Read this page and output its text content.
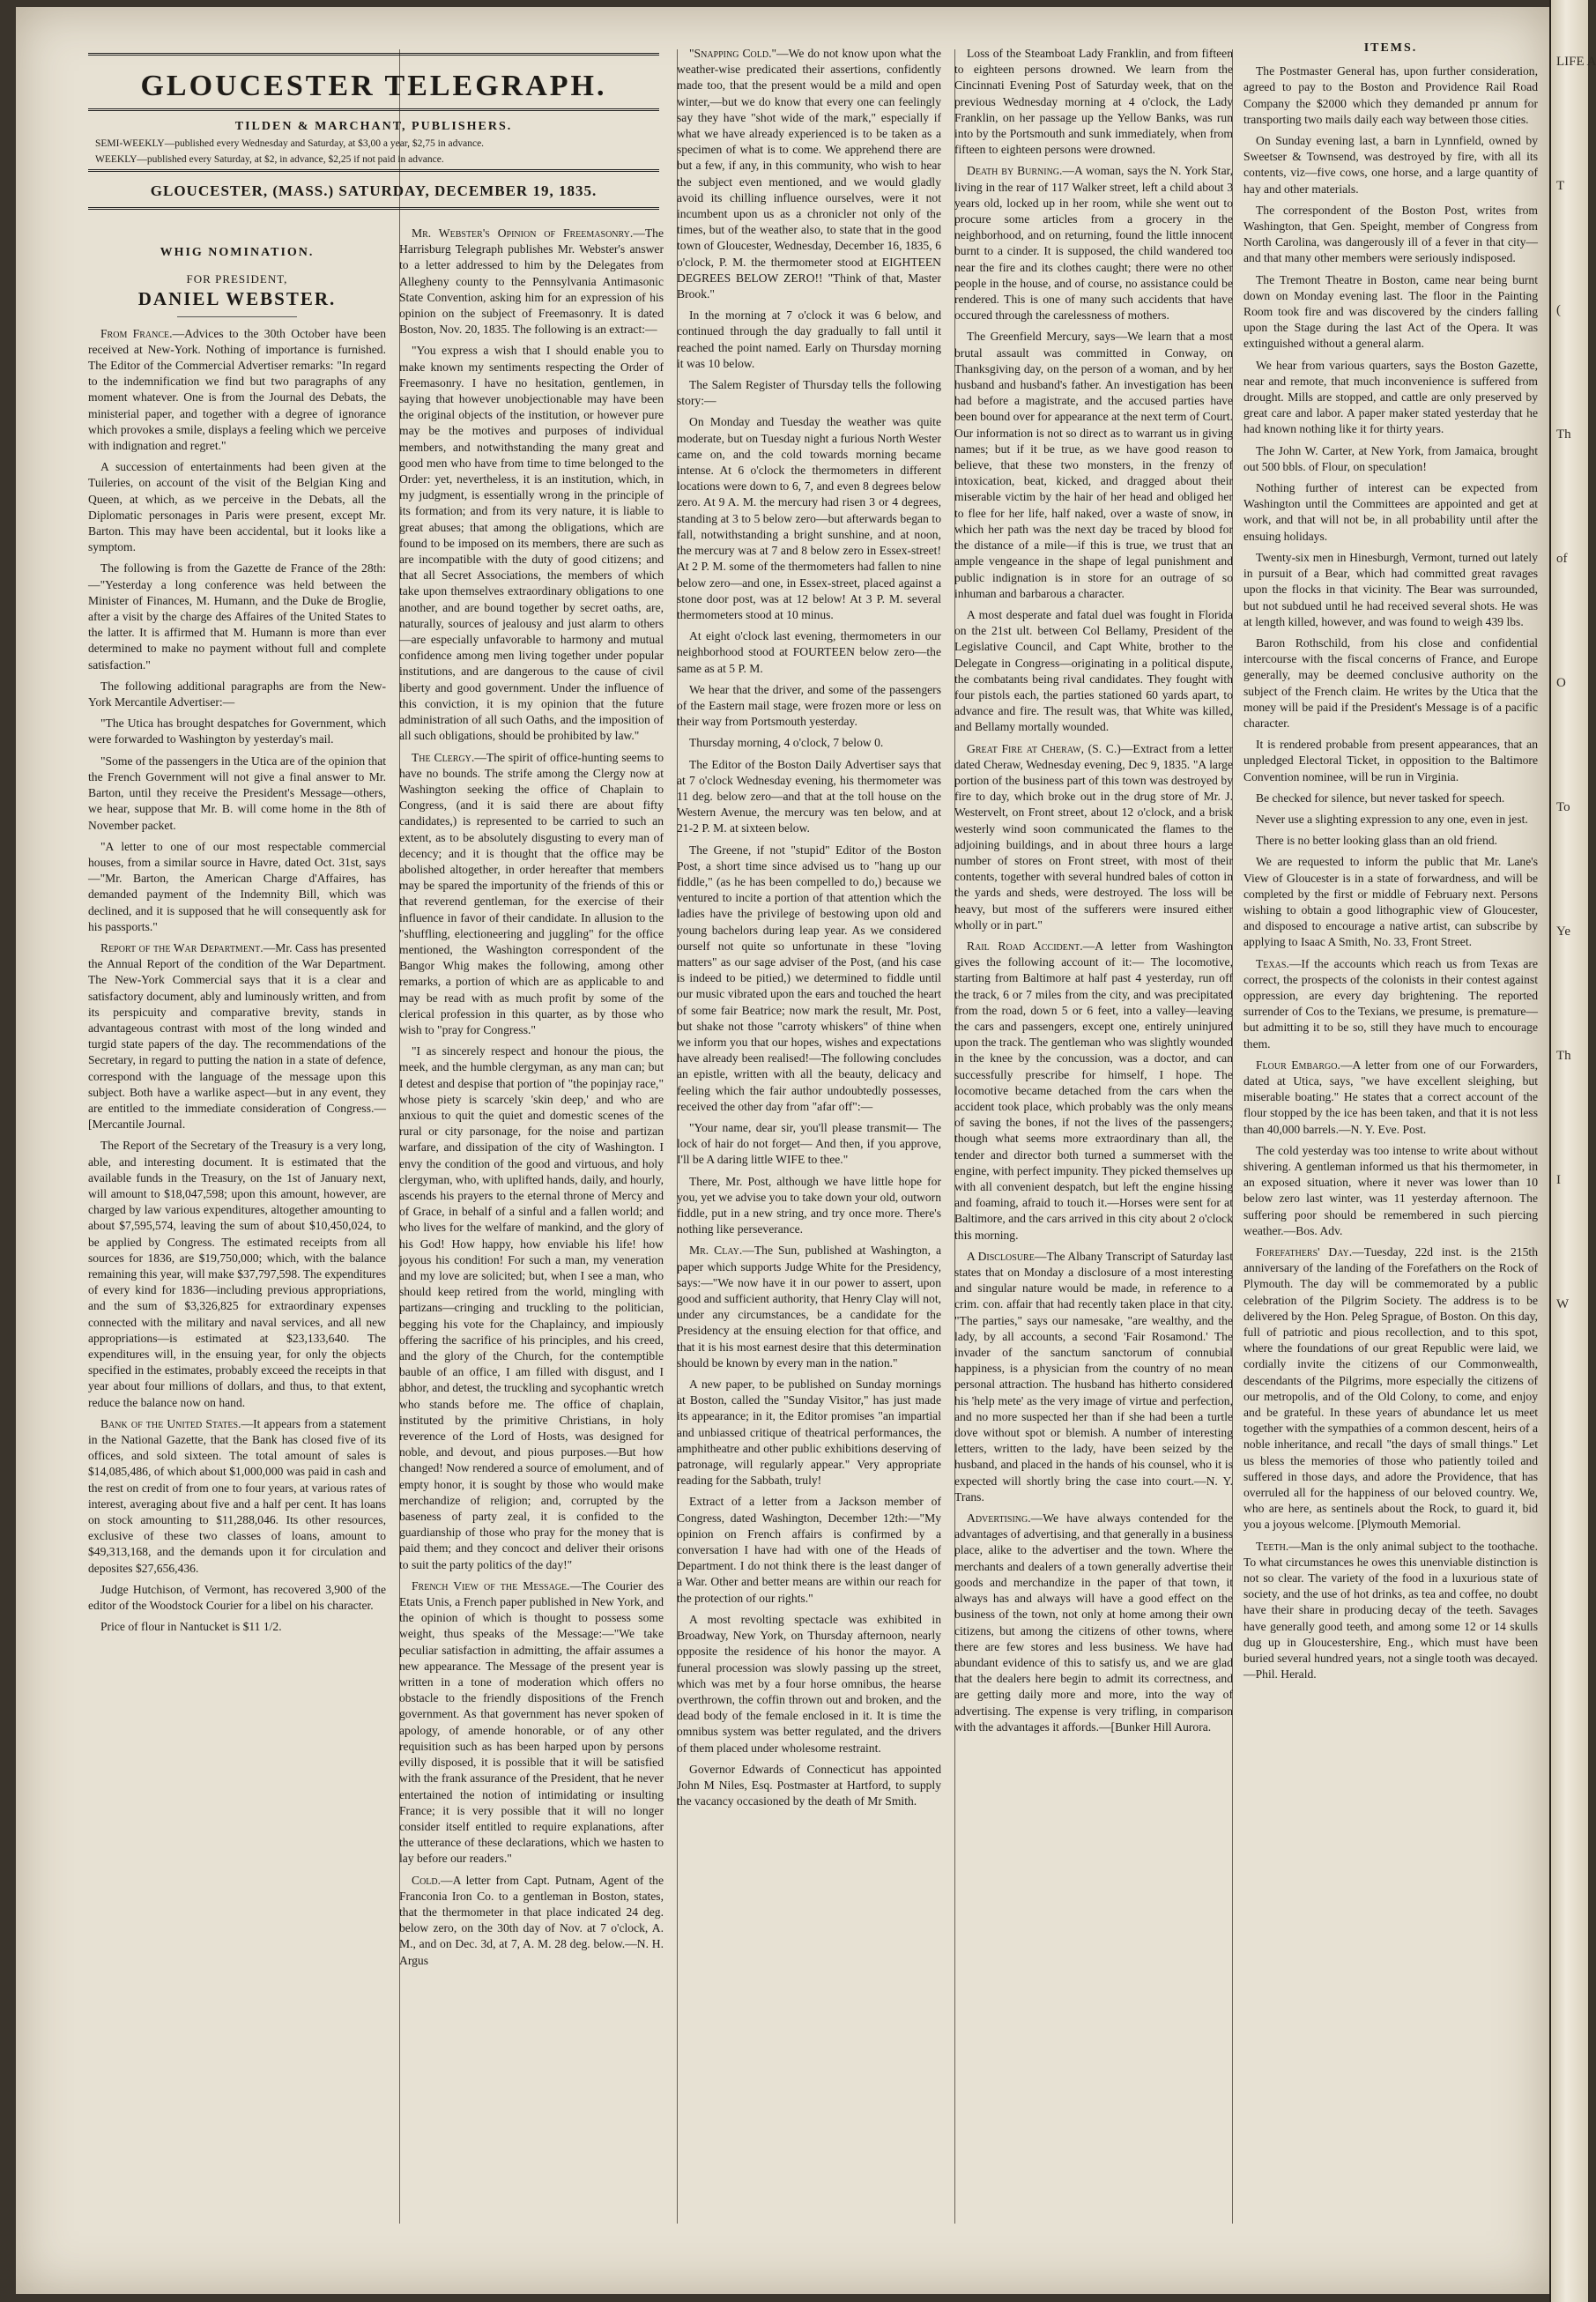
GLOUCESTER TELEGRAPH.
TILDEN & MARCHANT, PUBLISHERS.
SEMI-WEEKLY—published every Wednesday and Saturday, at $3,00 a year, $2,75 in advance.
WEEKLY—published every Saturday, at $2, in advance, $2,25 if not paid in advance.
GLOUCESTER, (MASS.) SATURDAY, DECEMBER 19, 1835.
WHIG NOMINATION.
FOR PRESIDENT,
DANIEL WEBSTER.

From France.—Advices to the 30th October have been received at New-York. Nothing of importance is furnished. The Editor of the Commercial Advertiser remarks: "In regard to the indemnification we find but two paragraphs of any moment whatever. One is from the Journal des Debats, the ministerial paper, and together with a degree of ignorance which provokes a smile, displays a feeling which we perceive with indignation and regret."

A succession of entertainments had been given at the Tuileries, on account of the visit of the Belgian King and Queen, at which, as we perceive in the Debats, all the Diplomatic personages in Paris were present, except Mr. Barton. This may have been accidental, but it looks like a symptom.

The following is from the Gazette de France of the 28th:—"Yesterday a long conference was held between the Minister of Finances, M. Humann, and the Duke de Broglie, after a visit by the charge des Affaires of the United States to the latter. It is affirmed that M. Humann is more than ever determined to make no payment without full and complete satisfaction."

The following additional paragraphs are from the New-York Mercantile Advertiser:—

"The Utica has brought despatches for Government, which were forwarded to Washington by yesterday's mail.

"Some of the passengers in the Utica are of the opinion that the French Government will not give a final answer to Mr. Barton, until they receive the President's Message—others, we hear, suppose that Mr. B. will come home in the 8th of November packet.

"A letter to one of our most respectable commercial houses, from a similar source in Havre, dated Oct. 31st, says—"Mr. Barton, the American Charge d'Affaires, has demanded payment of the Indemnity Bill, which was declined, and it is supposed that he will consequently ask for his passports."

Report of the War Department.—Mr. Cass has presented the Annual Report of the condition of the War Department. The New-York Commercial says that it is a clear and satisfactory document, ably and luminously written, and from its perspicuity and comparative brevity, stands in advantageous contrast with most of the long winded and turgid state papers of the day. The recommendations of the Secretary, in regard to putting the nation in a state of defence, correspond with the language of the message upon this subject. Both have a warlike aspect—but in any event, they are entitled to the immediate consideration of Congress.—[Mercantile Journal.

The Report of the Secretary of the Treasury is a very long, able, and interesting document. It is estimated that the available funds in the Treasury, on the 1st of January next, will amount to $18,047,598; upon this amount, however, are charged by law various expenditures, altogether amounting to about $7,595,574, leaving the sum of about $10,450,024, to be applied by Congress. The estimated receipts from all sources for 1836, are $19,750,000; which, with the balance remaining this year, will make $37,797,598. The expenditures of every kind for 1836—including previous appropriations, and the sum of $3,326,825 for extraordinary expenses connected with the military and naval services, and all new appropriations—is estimated at $23,133,640. The expenditures will, in the ensuing year, for only the objects specified in the estimates, probably exceed the receipts in that year about four millions of dollars, and thus, to that extent, reduce the balance now on hand.

Bank of the United States.—It appears from a statement in the National Gazette, that the Bank has closed five of its offices, and sold sixteen. The total amount of sales is $14,085,486, of which about $1,000,000 was paid in cash and the rest on credit of from one to four years, at various rates of interest, averaging about five and a half per cent. It has loans on stock amounting to $11,288,046. Its other resources, exclusive of these two classes of loans, amount to $49,313,168, and the demands upon it for circulation and deposites $27,656,436.

Judge Hutchison, of Vermont, has recovered 3,900 of the editor of the Woodstock Courier for a libel on his character.

Price of flour in Nantucket is $11 1/2.

Mr. Webster's Opinion of Freemasonry.—The Harrisburg Telegraph publishes Mr. Webster's answer to a letter addressed to him by the Delegates from Allegheny county to the Pennsylvania Antimasonic State Convention, asking him for an expression of his opinion on the subject of Freemasonry. It is dated Boston, Nov. 20, 1835. The following is an extract:—

"You express a wish that I should enable you to make known my sentiments respecting the Order of Freemasonry. I have no hesitation, gentlemen, in saying that however unobjectionable may have been the original objects of the institution, or however pure may be the motives and purposes of individual members, and notwithstanding the many great and good men who have from time to time belonged to the Order: yet, nevertheless, it is an institution, which, in my judgment, is essentially wrong in the principle of its formation; and from its very nature, it is liable to great abuses; that among the obligations, which are found to be imposed on its members, there are such as are incompatible with the duty of good citizens; and that all Secret Associations, the members of which take upon themselves extraordinary obligations to one another, and are bound together by secret oaths, are, naturally, sources of jealousy and just alarm to others—are especially unfavorable to harmony and mutual confidence among men living together under popular institutions, and are dangerous to the cause of civil liberty and good government. Under the influence of this conviction, it is my opinion that the future administration of all such Oaths, and the imposition of all such obligations, should be prohibited by law."

The Clergy.—The spirit of office-hunting seems to have no bounds. The strife among the Clergy now at Washington seeking the office of Chaplain to Congress, (and it is said there are about fifty candidates,) is represented to be carried to such an extent, as to be absolutely disgusting to every man of decency; and it is thought that the office may be abolished altogether, in order hereafter that members may be spared the importunity of the friends of this or that reverend gentleman, for the exercise of their influence in favor of their candidate. In allusion to the "shuffling, electioneering and juggling" for the office mentioned, the Washington correspondent of the Bangor Whig makes the following, among other remarks, a portion of which are as applicable to and may be read with as much profit by some of the clerical profession in this quarter, as by those who wish to "pray for Congress."

"I as sincerely respect and honour the pious, the meek, and the humble clergyman, as any man can; but I detest and despise that portion of "the popinjay race," whose piety is scarcely 'skin deep,' and who are anxious to quit the quiet and domestic scenes of the rural or city parsonage, for the noise and partizan warfare, and dissipation of the city of Washington. I envy the condition of the good and virtuous, and holy clergyman, who, with uplifted hands, daily, and hourly, ascends his prayers to the eternal throne of Mercy and of Grace, in behalf of a sinful and a fallen world; and who lives for the welfare of mankind, and the glory of his God! How happy, how enviable his life! how joyous his condition! For such a man, my veneration and my love are solicited; but, when I see a man, who should keep retired from the world, mingling with partizans—cringing and truckling to the politician, begging his vote for the Chaplaincy, and impiously offering the sacrifice of his principles, and his creed, and the glory of the Church, for the contemptible bauble of an office, I am filled with disgust, and I abhor, and detest, the truckling and sycophantic wretch who stands before me. The office of chaplain, instituted by the primitive Christians, in holy reverence of the Lord of Hosts, was designed for noble, and devout, and pious purposes.—But how changed! Now rendered a source of emolument, and of empty honor, it is sought by those who would make merchandize of religion; and, corrupted by the baseness of party zeal, it is confided to the guardianship of those who pray for the money that is paid them; and they concoct and deliver their orisons to suit the party politics of the day!"

French View of the Message.—The Courier des Etats Unis, a French paper published in New York, and the opinion of which is thought to possess some weight, thus speaks of the Message:—"We take peculiar satisfaction in admitting, the affair assumes a new appearance. The Message of the present year is written in a tone of moderation which offers no obstacle to the friendly dispositions of the French government. As that government has never spoken of apology, of amende honorable, or of any other requisition such as has been harped upon by persons evilly disposed, it is possible that it will be satisfied with the frank assurance of the President, that he never entertained the notion of intimidating or insulting France; it is very possible that it will no longer consider itself entitled to require explanations, after the utterance of these declarations, which we hasten to lay before our readers."

Cold.—A letter from Capt. Putnam, Agent of the Franconia Iron Co. to a gentleman in Boston, states, that the thermometer in that place indicated 24 deg. below zero, on the 30th day of Nov. at 7 o'clock, A. M., and on Dec. 3d, at 7, A. M. 28 deg. below.—N. H. Argus

"Snapping Cold."—We do not know upon what the weather-wise predicated their assertions, confidently made too, that the present would be a mild and open winter,—but we do know that every one can feelingly say they have "shot wide of the mark," especially if what we have already experienced is to be taken as a specimen of what is to come. We apprehend there are but a few, if any, in this community, who wish to hear the subject even mentioned, and we would gladly avoid its chilling influence ourselves, were it not incumbent upon us as a chronicler not only of the times, but of the weather also, to state that in the good town of Gloucester, Wednesday, December 16, 1835, 6 o'clock, P. M. the thermometer stood at EIGHTEEN DEGREES BELOW ZERO!! "Think of that, Master Brook."

In the morning at 7 o'clock it was 6 below, and continued through the day gradually to fall until it reached the point named. Early on Thursday morning it was 10 below.

The Salem Register of Thursday tells the following story:—

On Monday and Tuesday the weather was quite moderate, but on Tuesday night a furious North Wester came on, and the cold towards morning became intense. At 6 o'clock the thermometers in different locations were down to 6, 7, and even 8 degrees below zero. At 9 A. M. the mercury had risen 3 or 4 degrees, standing at 3 to 5 below zero—but afterwards began to fall, notwithstanding a bright sunshine, and at noon, the mercury was at 7 and 8 below zero in Essex-street! At 2 P. M. some of the thermometers had fallen to nine below zero—and one, in Essex-street, placed against a stone door post, was at 12 below! At 3 P. M. several thermometers stood at 10 minus.

At eight o'clock last evening, thermometers in our neighborhood stood at FOURTEEN below zero—the same as at 5 P. M.

We hear that the driver, and some of the passengers of the Eastern mail stage, were frozen more or less on their way from Portsmouth yesterday.

Thursday morning, 4 o'clock, 7 below 0.

The Editor of the Boston Daily Advertiser says that at 7 o'clock Wednesday evening, his thermometer was 11 deg. below zero—and that at the toll house on the Western Avenue, the mercury was ten below, and at 21-2 P. M. at sixteen below.

The Greene, if not "stupid" Editor of the Boston Post, a short time since advised us to "hang up our fiddle," (as he has been compelled to do,) because we ventured to incite a portion of that attention which the ladies have the privilege of bestowing upon old and young bachelors during leap year. As we considered ourself not quite so unfortunate in these "loving matters" as our sage adviser of the Post, (and his case is indeed to be pitied,) we determined to fiddle until our music vibrated upon the ears and touched the heart of some fair Beatrice; now mark the result, Mr. Post, but shake not those "carroty whiskers" of thine when we inform you that our hopes, wishes and expectations have already been realised!—The following concludes an epistle, written with all the beauty, delicacy and feeling which the fair author undoubtedly possesses, received the other day from "afar off":—

"Your name, dear sir, you'll please transmit— The lock of hair do not forget— And then, if you approve, I'll be A daring little WIFE to thee."

There, Mr. Post, although we have little hope for you, yet we advise you to take down your old, outworn fiddle, put in a new string, and try once more. There's nothing like perseverance.

Mr. Clay.—The Sun, published at Washington, a paper which supports Judge White for the Presidency, says:—"We now have it in our power to assert, upon good and sufficient authority, that Henry Clay will not, under any circumstances, be a candidate for the Presidency at the ensuing election for that office, and that it is his most earnest desire that this determination should be known by every man in the nation."

A new paper, to be published on Sunday mornings at Boston, called the "Sunday Visitor," has just made its appearance; in it, the Editor promises "an impartial and unbiassed critique of theatrical performances, the amphitheatre and other public exhibitions deserving of patronage, will regularly appear." Very appropriate reading for the Sabbath, truly!

Extract of a letter from a Jackson member of Congress, dated Washington, December 12th:—"My opinion on French affairs is confirmed by a conversation I have had with one of the Heads of Department. I do not think there is the least danger of a War. Other and better means are within our reach for the protection of our rights."

A most revolting spectacle was exhibited in Broadway, New York, on Thursday afternoon, nearly opposite the residence of his honor the mayor. A funeral procession was slowly passing up the street, which was met by a four horse omnibus, the hearse overthrown, the coffin thrown out and broken, and the dead body of the female enclosed in it. It is time the omnibus system was better regulated, and the drivers of them placed under wholesome restraint.

Governor Edwards of Connecticut has appointed John M Niles, Esq. Postmaster at Hartford, to supply the vacancy occasioned by the death of Mr Smith.

Loss of the Steamboat Lady Franklin, and from fifteen to eighteen persons drowned. We learn from the Cincinnati Evening Post of Saturday week, that on the previous Wednesday morning at 4 o'clock, the Lady Franklin, on her passage up the Yellow Banks, was run into by the Portsmouth and sunk immediately, when from fifteen to eighteen persons were drowned.

Death by Burning.—A woman, says the N. York Star, living in the rear of 117 Walker street, left a child about 3 years old, locked up in her room, while she went out to procure some articles from a grocery in the neighborhood, and on returning, found the little innocent burnt to a cinder. It is supposed, the child wandered too near the fire and its clothes caught; there were no other people in the house, and of course, no assistance could be rendered. This is one of many such accidents that have occured through the carelessness of mothers.

The Greenfield Mercury, says—We learn that a most brutal assault was committed in Conway, on Thanksgiving day, on the person of a woman, and by her husband and husband's father. An investigation has been had before a magistrate, and the accused parties have been bound over for appearance at the next term of Court. Our information is not so direct as to warrant us in giving names; but if it be true, as we have good reason to believe, that these two monsters, in the frenzy of intoxication, beat, kicked, and dragged about their miserable victim by the hair of her head and obliged her to flee for her life, half naked, over a waste of snow, in which her path was the next day be traced by blood for the distance of a mile—if this is true, we trust that an ample vengeance in the shape of legal punishment and public indignation is in store for an outrage of so inhuman and barbarous a character.

A most desperate and fatal duel was fought in Florida on the 21st ult. between Col Bellamy, President of the Legislative Council, and Capt White, brother to the Delegate in Congress—originating in a political dispute, the combatants being rival candidates. They fought with four pistols each, the parties stationed 60 yards apart, to advance and fire. The result was, that White was killed, and Bellamy mortally wounded.

Great Fire at Cheraw, (S. C.)—Extract from a letter dated Cheraw, Wednesday evening, Dec 9, 1835. "A large portion of the business part of this town was destroyed by fire to day, which broke out in the drug store of Mr. J. Westervelt, on Front street, about 12 o'clock, and a brisk westerly wind soon communicated the flames to the adjoining buildings, and in about three hours a large number of stores on Front street, with most of their contents, together with several hundred bales of cotton in the yards and sheds, were destroyed. The loss will be heavy, but most of the sufferers were insured either wholly or in part."

Rail Road Accident.—A letter from Washington gives the following account of it:— The locomotive, starting from Baltimore at half past 4 yesterday, run off the track, 6 or 7 miles from the city, and was precipitated from the road, down 5 or 6 feet, into a valley—leaving the cars and passengers, except one, entirely uninjured upon the track. The gentleman who was slightly wounded in the knee by the concussion, was a doctor, and can successfully prescribe for himself, I hope. The locomotive became detached from the cars when the accident took place, which probably was the only means of saving the bones, if not the lives of the passengers; though what seems more extraordinary than all, the tender and director both turned a summerset with the engine, with perfect impunity. They picked themselves up with all convenient despatch, but left the engine hissing and foaming, afraid to touch it.—Horses were sent for at Baltimore, and the cars arrived in this city about 2 o'clock this morning.

A Disclosure—The Albany Transcript of Saturday last states that on Monday a disclosure of a most interesting and singular nature would be made, in reference to a crim. con. affair that had recently taken place in that city. "The parties," says our namesake, "are wealthy, and the lady, by all accounts, a second 'Fair Rosamond.' The invader of the sanctum sanctorum of connubial happiness, is a physician from the country of no mean personal attraction. The husband has hitherto considered his 'help mete' as the very image of virtue and perfection, and no more suspected her than if she had been a turtle dove without spot or blemish. A number of interesting letters, written to the lady, have been seized by the husband, and placed in the hands of his counsel, who it is expected will shortly bring the case into court.—N. Y. Trans.

Advertising.—We have always contended for the advantages of advertising, and that generally in a business place, alike to the advertiser and the town. Where the merchants and dealers of a town generally advertise their goods and merchandize in the paper of that town, it always has and always will have a good effect on the business of the town, not only at home among their own citizens, but among the citizens of other towns, where there are few stores and less business. We have had abundant evidence of this to satisfy us, and we are glad that the dealers here begin to admit its correctness, and are getting daily more and more, into the way of advertising. The expense is very trifling, in comparison with the advantages it affords.—[Bunker Hill Aurora.

ITEMS.

The Postmaster General has, upon further consideration, agreed to pay to the Boston and Providence Rail Road Company the $2000 which they demanded pr annum for transporting two mails daily each way between those cities.

On Sunday evening last, a barn in Lynnfield, owned by Sweetser & Townsend, was destroyed by fire, with all its contents, viz—five cows, one horse, and a large quantity of hay and other materials.

The correspondent of the Boston Post, writes from Washington, that Gen. Speight, member of Congress from North Carolina, was dangerously ill of a fever in that city—and that many other members were seriously indisposed.

The Tremont Theatre in Boston, came near being burnt down on Monday evening last. The floor in the Painting Room took fire and was discovered by the cinders falling upon the Stage during the last Act of the Opera. It was extinguished without a general alarm.

We hear from various quarters, says the Boston Gazette, near and remote, that much inconvenience is suffered from drought. Mills are stopped, and cattle are only preserved by great care and labor. A paper maker stated yesterday that he had known nothing like it for thirty years.

The John W. Carter, at New York, from Jamaica, brought out 500 bbls. of Flour, on speculation!

Nothing further of interest can be expected from Washington until the Committees are appointed and get at work, and that will not be, in all probability until after the ensuing holidays.

Twenty-six men in Hinesburgh, Vermont, turned out lately in pursuit of a Bear, which had committed great ravages upon the flocks in that vicinity. The Bear was surrounded, but not subdued until he had received several shots. He was at length killed, however, and was found to weigh 439 lbs.

Baron Rothschild, from his close and confidential intercourse with the fiscal concerns of France, and Europe generally, may be deemed conclusive authority on the subject of the French claim. He writes by the Utica that the money will be paid if the President's Message is of a pacific character.

It is rendered probable from present appearances, that an unpledged Electoral Ticket, in opposition to the Baltimore Convention nominee, will be run in Virginia.

Be checked for silence, but never tasked for speech.

Never use a slighting expression to any one, even in jest.

There is no better looking glass than an old friend.

We are requested to inform the public that Mr. Lane's View of Gloucester is in a state of forwardness, and will be completed by the first or middle of February next. Persons wishing to obtain a good lithographic view of Gloucester, and disposed to encourage a native artist, can subscribe by applying to Isaac A Smith, No. 33, Front Street.

Texas.—If the accounts which reach us from Texas are correct, the prospects of the colonists in their contest against oppression, are every day brightening. The reported surrender of Cos to the Texians, we presume, is premature—but admitting it to be so, still they have much to encourage them.

Flour Embargo.—A letter from one of our Forwarders, dated at Utica, says, "we have excellent sleighing, but miserable boating." He states that a correct account of the flour stopped by the ice has been taken, and that it is not less than 40,000 barrels.—N. Y. Eve. Post.

The cold yesterday was too intense to write about without shivering. A gentleman informed us that his thermometer, in an exposed situation, where it never was lower than 10 below zero last winter, was 11 yesterday afternoon. The suffering poor should be remembered in such piercing weather.—Bos. Adv.

Forefathers' Day.—Tuesday, 22d inst. is the 215th anniversary of the landing of the Forefathers on the Rock of Plymouth. The day will be commemorated by a public celebration of the Pilgrim Society. The address is to be delivered by the Hon. Peleg Sprague, of Boston. On this day, full of patriotic and pious recollection, and to this spot, where the foundations of our great Republic were laid, we cordially invite the citizens of our Commonwealth, descendants of the Pilgrims, more especially the citizens of our metropolis, and of the Old Colony, to come, and enjoy and be grateful. In these years of abundance let us meet together with the sympathies of a common descent, heirs of a noble inheritance, and recall "the days of small things." Let us bless the memories of those who patiently toiled and suffered in those days, and adore the Providence, that has overruled all for the happiness of our beloved country. We, who are here, as sentinels about the Rock, to guard it, bid you a joyous welcome. [Plymouth Memorial.

Teeth.—Man is the only animal subject to the toothache. To what circumstances he owes this unenviable distinction is not so clear. The variety of the food in a luxurious state of society, and the use of hot drinks, as tea and coffee, no doubt have their share in producing decay of the teeth. Savages have generally good teeth, and among some 12 or 14 skulls dug up in Gloucestershire, Eng., which must have been buried several hundred years, not a single tooth was decayed.—Phil. Herald.

LIFE A
T
(
Th
of
O
To
Ye
Th
I
W
